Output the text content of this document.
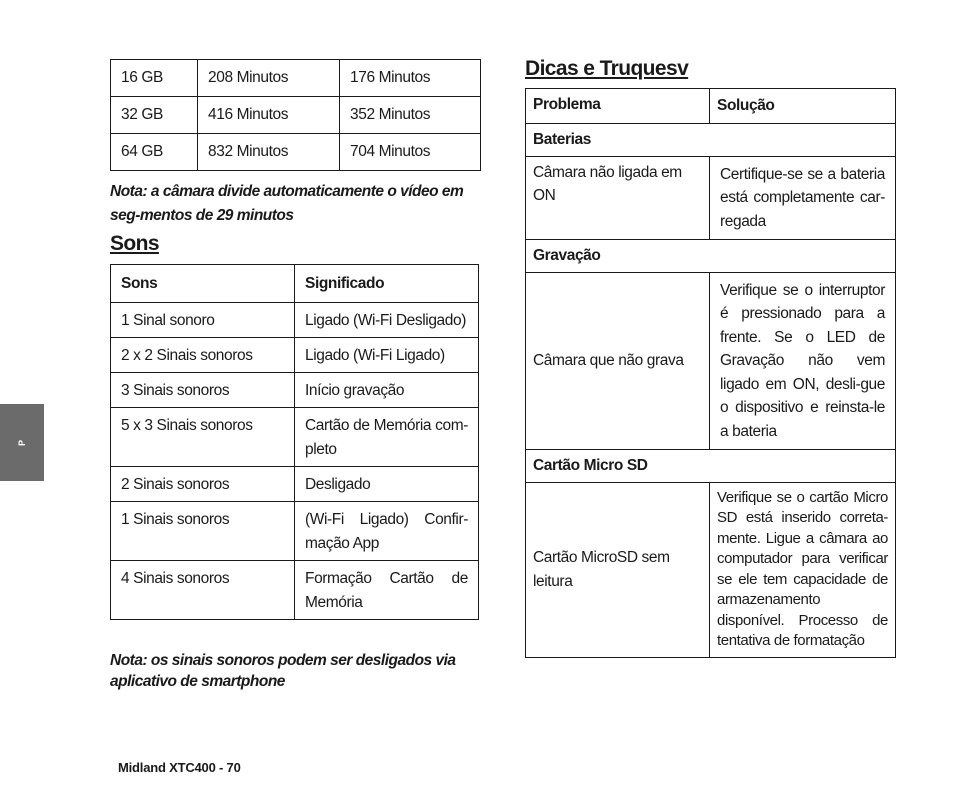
P
16 GB	208 Minutos	176 Minutos
32 GB	416 Minutos	352 Minutos
64 GB	832 Minutos	704 Minutos
Nota: a câmara divide automaticamente o vídeo em seg-mentos de 29 minutos
Sons
Sons	Significado
1 Sinal sonoro	Ligado (Wi-Fi Desligado)
2 x 2 Sinais sonoros	Ligado (Wi-Fi Ligado)
3 Sinais sonoros	Início gravação
5 x 3 Sinais sonoros	Cartão de Memória com-pleto
2 Sinais sonoros	Desligado
1 Sinais sonoros	(Wi-Fi Ligado) Confir-mação App
4 Sinais sonoros	Formação Cartão de Memória
Nota: os sinais sonoros podem ser desligados via aplicativo de smartphone
Dicas e Truquesv
Problema	Solução
Baterias	
Câmara não ligada em ON	Certifique-se se a bateria está completamente car-regada
Gravação	
Câmara que não grava	Verifique se o interruptor é pressionado para a frente. Se o LED de Gravação não vem ligado em ON, desli-gue o dispositivo e reinsta-le a bateria
Cartão Micro SD	
Cartão MicroSD sem leitura	Verifique se o cartão Micro SD está inserido correta-mente. Ligue a câmara ao computador para verificar se ele tem capacidade de armazenamento disponível. Processo de tentativa de formatação
Midland XTC400 - 70
